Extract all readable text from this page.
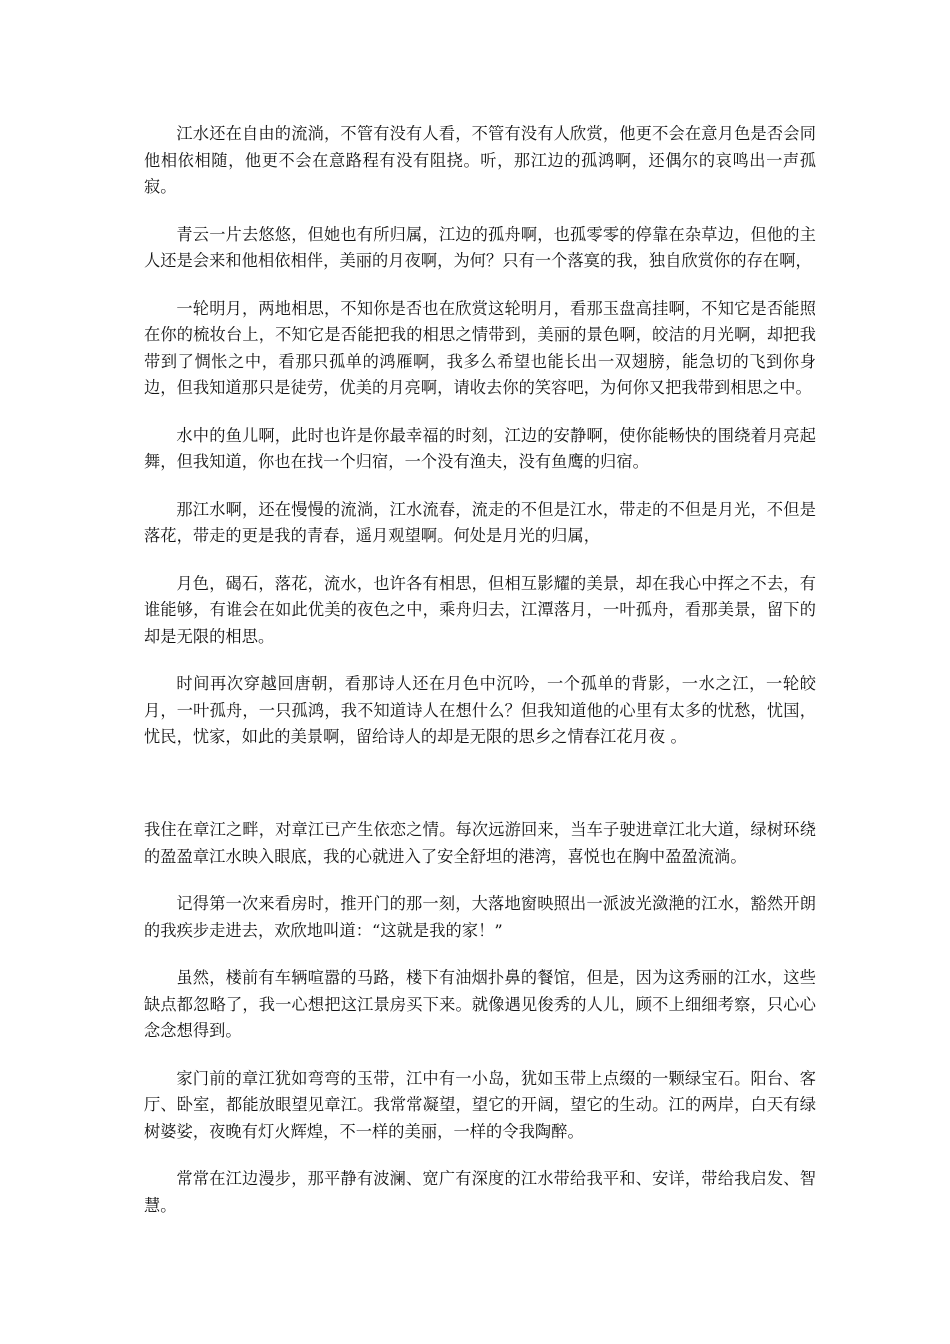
江水还在自由的流淌，不管有没有人看，不管有没有人欣赏，他更不会在意月色是否会同他相依相随，他更不会在意路程有没有阻挠。听，那江边的孤鸿啊，还偶尔的哀鸣出一声孤寂。

青云一片去悠悠，但她也有所归属，江边的孤舟啊，也孤零零的停靠在杂草边，但他的主人还是会来和他相依相伴，美丽的月夜啊，为何？只有一个落寞的我，独自欣赏你的存在啊，

一轮明月，两地相思，不知你是否也在欣赏这轮明月，看那玉盘高挂啊，不知它是否能照在你的梳妆台上，不知它是否能把我的相思之情带到，美丽的景色啊，皎洁的月光啊，却把我带到了惆怅之中，看那只孤单的鸿雁啊，我多么希望也能长出一双翅膀，能急切的飞到你身边，但我知道那只是徒劳，优美的月亮啊，请收去你的笑容吧，为何你又把我带到相思之中。

水中的鱼儿啊，此时也许是你最幸福的时刻，江边的安静啊，使你能畅快的围绕着月亮起舞，但我知道，你也在找一个归宿，一个没有渔夫，没有鱼鹰的归宿。

那江水啊，还在慢慢的流淌，江水流春，流走的不但是江水，带走的不但是月光，不但是落花，带走的更是我的青春，遥月观望啊。何处是月光的归属，

月色，碣石，落花，流水，也许各有相思，但相互影耀的美景，却在我心中挥之不去，有谁能够，有谁会在如此优美的夜色之中，乘舟归去，江潭落月，一叶孤舟，看那美景，留下的却是无限的相思。

时间再次穿越回唐朝，看那诗人还在月色中沉吟，一个孤单的背影，一水之江，一轮皎月，一叶孤舟，一只孤鸿，我不知道诗人在想什么？但我知道他的心里有太多的忧愁，忧国，忧民，忧家，如此的美景啊，留给诗人的却是无限的思乡之情春江花月夜 。

我住在章江之畔，对章江已产生依恋之情。每次远游回来，当车子驶进章江北大道，绿树环绕的盈盈章江水映入眼底，我的心就进入了安全舒坦的港湾，喜悦也在胸中盈盈流淌。

记得第一次来看房时，推开门的那一刻，大落地窗映照出一派波光潋滟的江水，豁然开朗的我疾步走进去，欢欣地叫道：“这就是我的家！”

虽然，楼前有车辆喧嚣的马路，楼下有油烟扑鼻的餐馆，但是，因为这秀丽的江水，这些缺点都忽略了，我一心想把这江景房买下来。就像遇见俊秀的人儿，顾不上细细考察，只心心念念想得到。

家门前的章江犹如弯弯的玉带，江中有一小岛，犹如玉带上点缀的一颗绿宝石。阳台、客厅、卧室，都能放眼望见章江。我常常凝望，望它的开阔，望它的生动。江的两岸，白天有绿树婆娑，夜晚有灯火辉煌，不一样的美丽，一样的令我陶醉。

常常在江边漫步，那平静有波澜、宽广有深度的江水带给我平和、安详，带给我启发、智慧。
